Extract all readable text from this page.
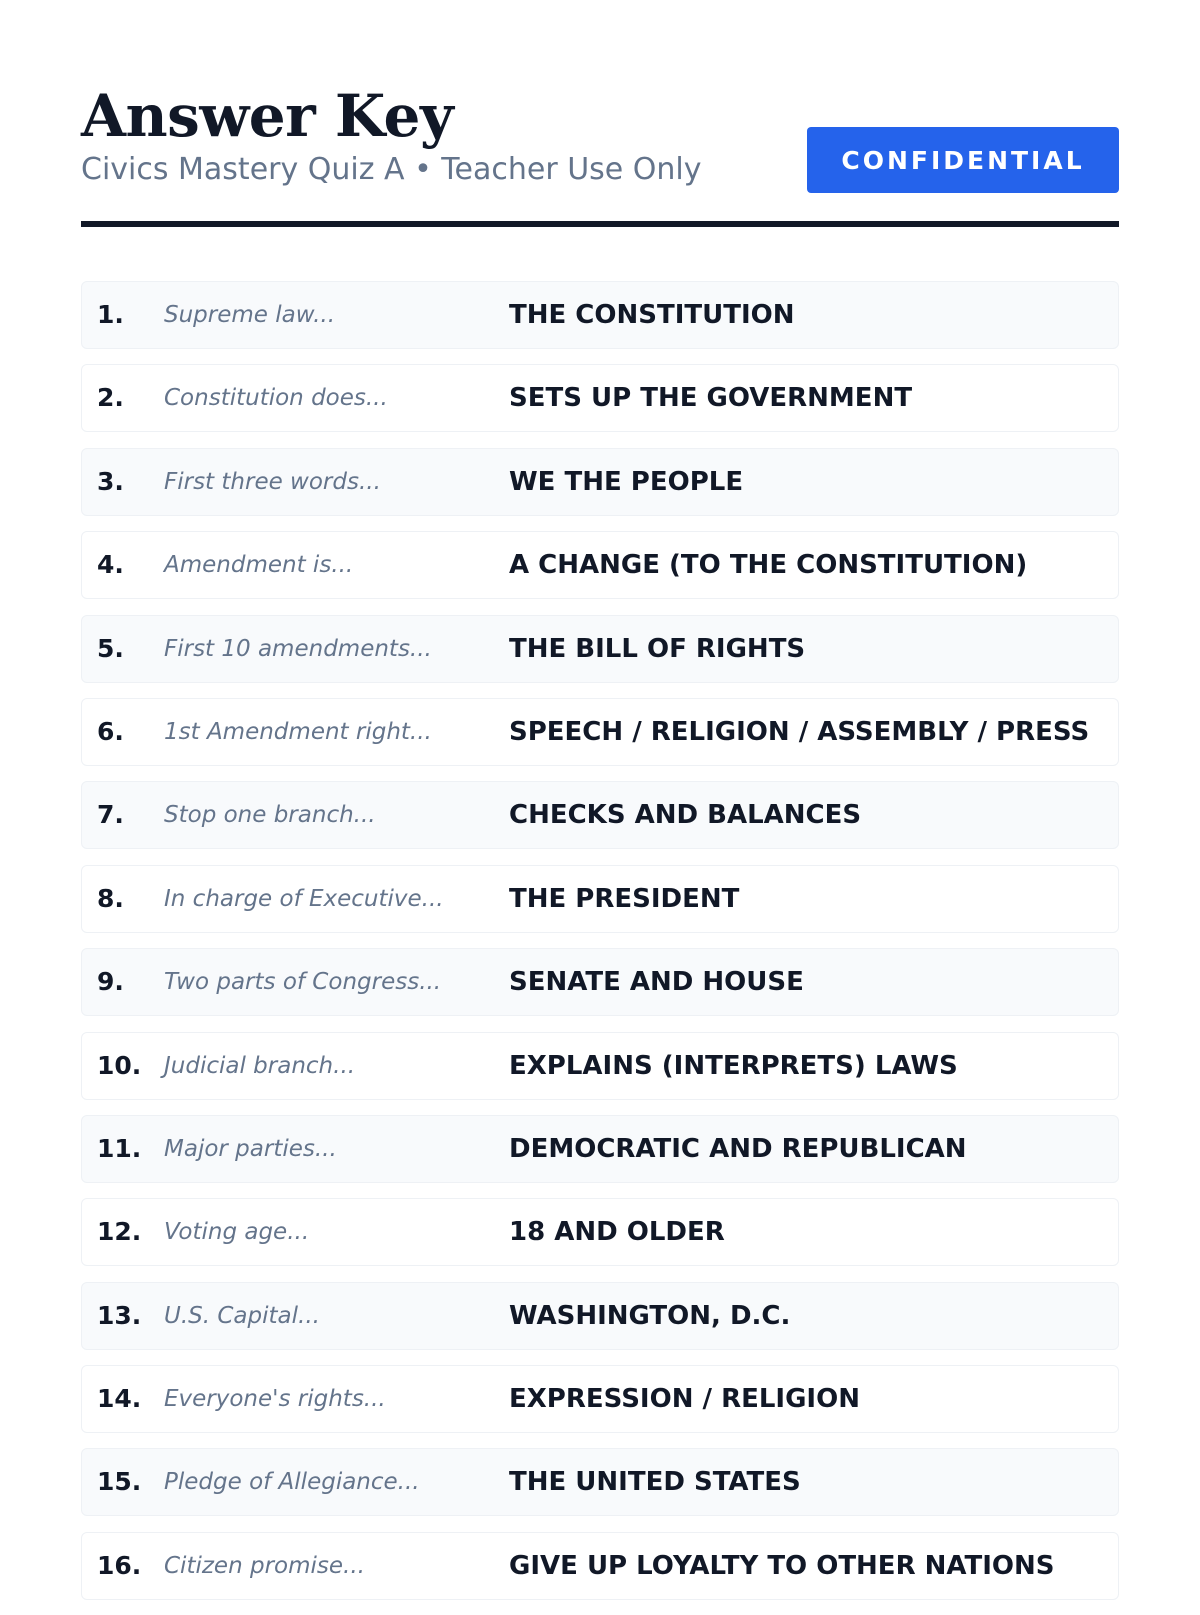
Answer Key
Civics Mastery Quiz A • Teacher Use Only	CONFIDENTIAL
1. Supreme law...	THE CONSTITUTION
2. Constitution does...	SETS UP THE GOVERNMENT
3. First three words...	WE THE PEOPLE
4. Amendment is...	A CHANGE (TO THE CONSTITUTION)
5. First 10 amendments...	THE BILL OF RIGHTS
6. 1st Amendment right...	SPEECH / RELIGION / ASSEMBLY / PRESS
7. Stop one branch...	CHECKS AND BALANCES
8. In charge of Executive...	THE PRESIDENT
9. Two parts of Congress...	SENATE AND HOUSE
10. Judicial branch...	EXPLAINS (INTERPRETS) LAWS
11. Major parties...	DEMOCRATIC AND REPUBLICAN
12. Voting age...	18 AND OLDER
13. U.S. Capital...	WASHINGTON, D.C.
14. Everyone's rights...	EXPRESSION / RELIGION
15. Pledge of Allegiance...	THE UNITED STATES
16. Citizen promise...	GIVE UP LOYALTY TO OTHER NATIONS
